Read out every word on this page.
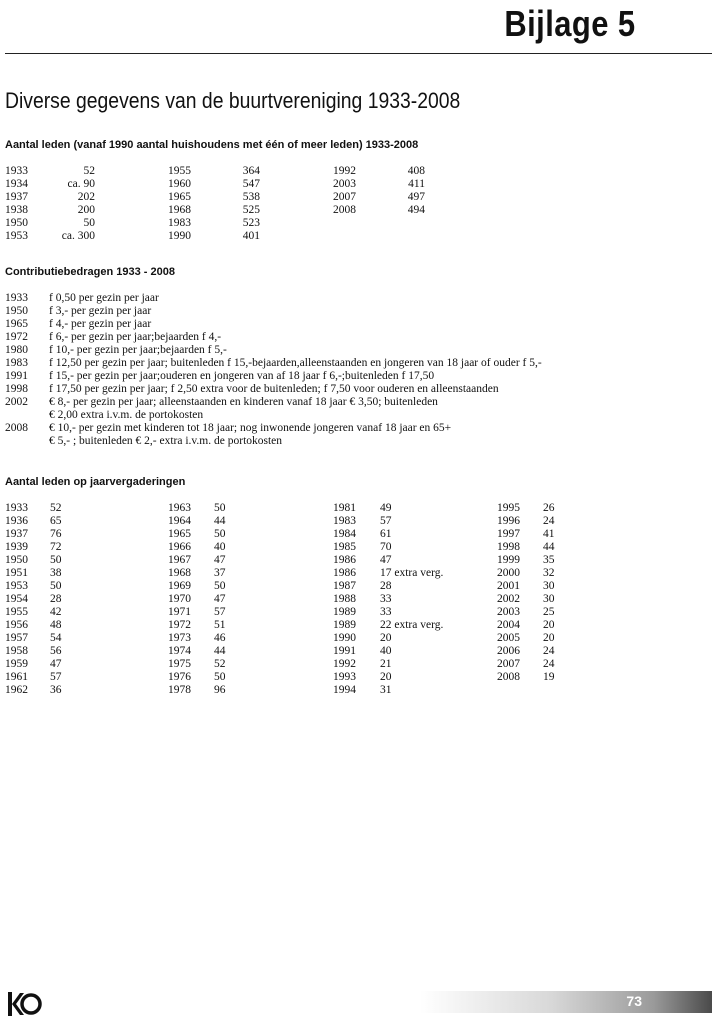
Bijlage 5
Diverse gegevens van de buurtvereniging 1933-2008
Aantal leden (vanaf 1990 aantal huishoudens met één of meer leden) 1933-2008
1933	52
1934	ca. 90
1937	202
1938	200
1950	50
1953	ca. 300
1955	364
1960	547
1965	538
1968	525
1983	523
1990	401
1992	408
2003	411
2007	497
2008	494
Contributiebedragen 1933 - 2008
1933	f 0,50 per gezin per jaar
1950	f 3,- per gezin per jaar
1965	f 4,- per gezin per jaar
1972	f 6,- per gezin per jaar;bejaarden f 4,-
1980	f 10,- per gezin per jaar;bejaarden f 5,-
1983	f 12,50 per gezin per jaar; buitenleden f 15,-bejaarden,alleenstaanden en jongeren van 18 jaar of ouder f 5,-
1991	f 15,- per gezin per jaar;ouderen en jongeren van af 18 jaar f 6,-;buitenleden f 17,50
1998	f 17,50 per gezin per jaar; f 2,50 extra voor de buitenleden; f 7,50 voor ouderen en alleenstaanden
2002	€ 8,- per gezin per jaar; alleenstaanden en kinderen vanaf 18 jaar € 3,50; buitenleden
€ 2,00 extra i.v.m. de portokosten
2008	€ 10,- per gezin met kinderen tot 18 jaar; nog inwonende jongeren vanaf 18 jaar en 65+
€ 5,- ; buitenleden € 2,- extra i.v.m. de portokosten
Aantal leden op jaarvergaderingen
1933 52
1936 65
1937 76
1939 72
1950 50
1951 38
1953 50
1954 28
1955 42
1956 48
1957 54
1958 56
1959 47
1961 57
1962 36
1963 50
1964 44
1965 50
1966 40
1967 47
1968 37
1969 50
1970 47
1971 57
1972 51
1973 46
1974 44
1975 52
1976 50
1978 96
1981 49
1983 57
1984 61
1985 70
1986 47
1986 17 extra verg.
1987 28
1988 33
1989 33
1989 22 extra verg.
1990 20
1991 40
1992 21
1993 20
1994 31
1995 26
1996 24
1997 41
1998 44
1999 35
2000 32
2001 30
2002 30
2003 25
2004 20
2005 20
2006 24
2007 24
2008 19
73
